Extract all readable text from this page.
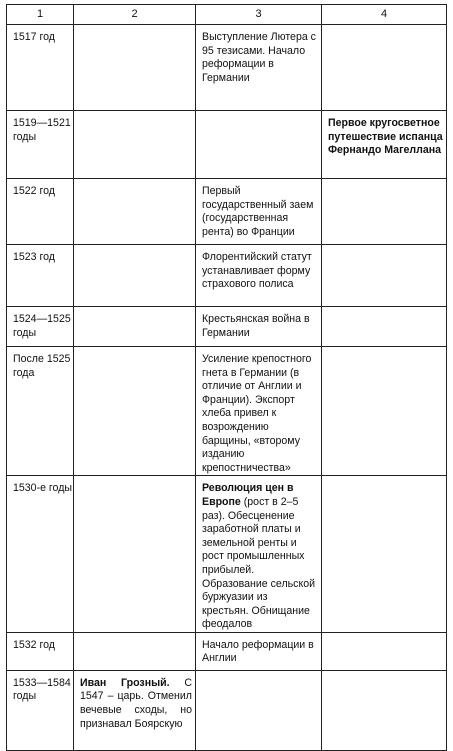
1	2	3	4
1517 год		Выступление Лютера с 95 тезисами. Начало реформации в Германии	
1519—1521 годы			Первое кругосветное путешествие испанца Фернандо Магеллана
1522 год		Первый государственный заем (государственная рента) во Франции	
1523 год		Флорентийский статут устанавливает форму страхового полиса	
1524—1525 годы		Крестьянская война в Германии	
После 1525 года		Усиление крепостного гнета в Германии (в отличие от Англии и Франции). Экспорт хлеба привел к возрождению барщины, «второму изданию крепостничества»	
1530-е годы		Революция цен в Европе (рост в 2–5 раз). Обесценение заработной платы и земельной ренты и рост промышленных прибылей. Образование сельской буржуазии из крестьян. Обнищание феодалов	
1532 год		Начало реформации в Англии	
1533—1584 годы	Иван Грозный. С 1547 – царь. Отменил вечевые сходы, но признавал Боярскую		
